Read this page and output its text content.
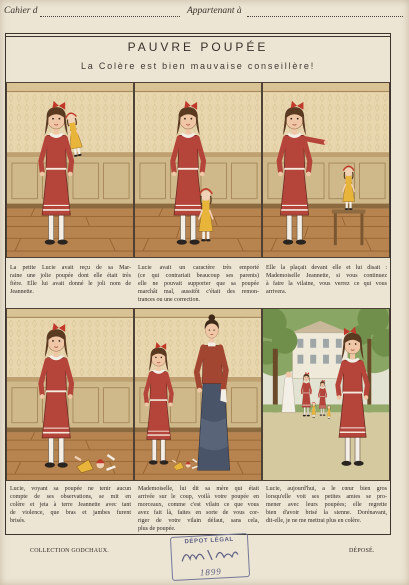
Cahier d	Appartenant à
PAUVRE POUPÉE
La Colère est bien mauvaise conseillère!
La petite Lucie avait reçu de sa Mar-
raine une jolie poupée dont elle était très
fière. Elle lui avait donné le joli nom de
Jeannette.
Lucie avait un caractère très emporté
(ce qui contrariait beaucoup ses parents)
elle ne pouvait supporter que sa poupée
marchât mal, aussitôt c'était des remon-
trances ou une correction.
Elle la plaçait devant elle et lui disait :
Mademoiselle Jeannette, si vous continuez
à faire la vilaine, vous verrez ce qui vous
arrivera.
Lucie, voyant sa poupée ne tenir aucun
compte de ses observations, se mit en
colère et jeta à terre Jeannette avec tant
de violence, que bras et jambes furent
brisés.
Mademoiselle, lui dit sa mère qui était
arrivée sur le coup, voilà votre poupée en
morceaux, comme c'est vilain ce que vous
avez fait là, faites en sorte de vous cor-
riger de votre vilain défaut, sans cela,
plus de poupée.
Lucie, aujourd'hui, a le cœur bien gros
lorsqu'elle voit ses petites amies se pro-
mener avec leurs poupées; elle regrette
bien d'avoir brisé la sienne. Dorénavant,
dit-elle, je ne me mettrai plus en colère.
COLLECTION GODCHAUX.	DÉPOSÉ.
DÉPOT LÉGAL
1899
